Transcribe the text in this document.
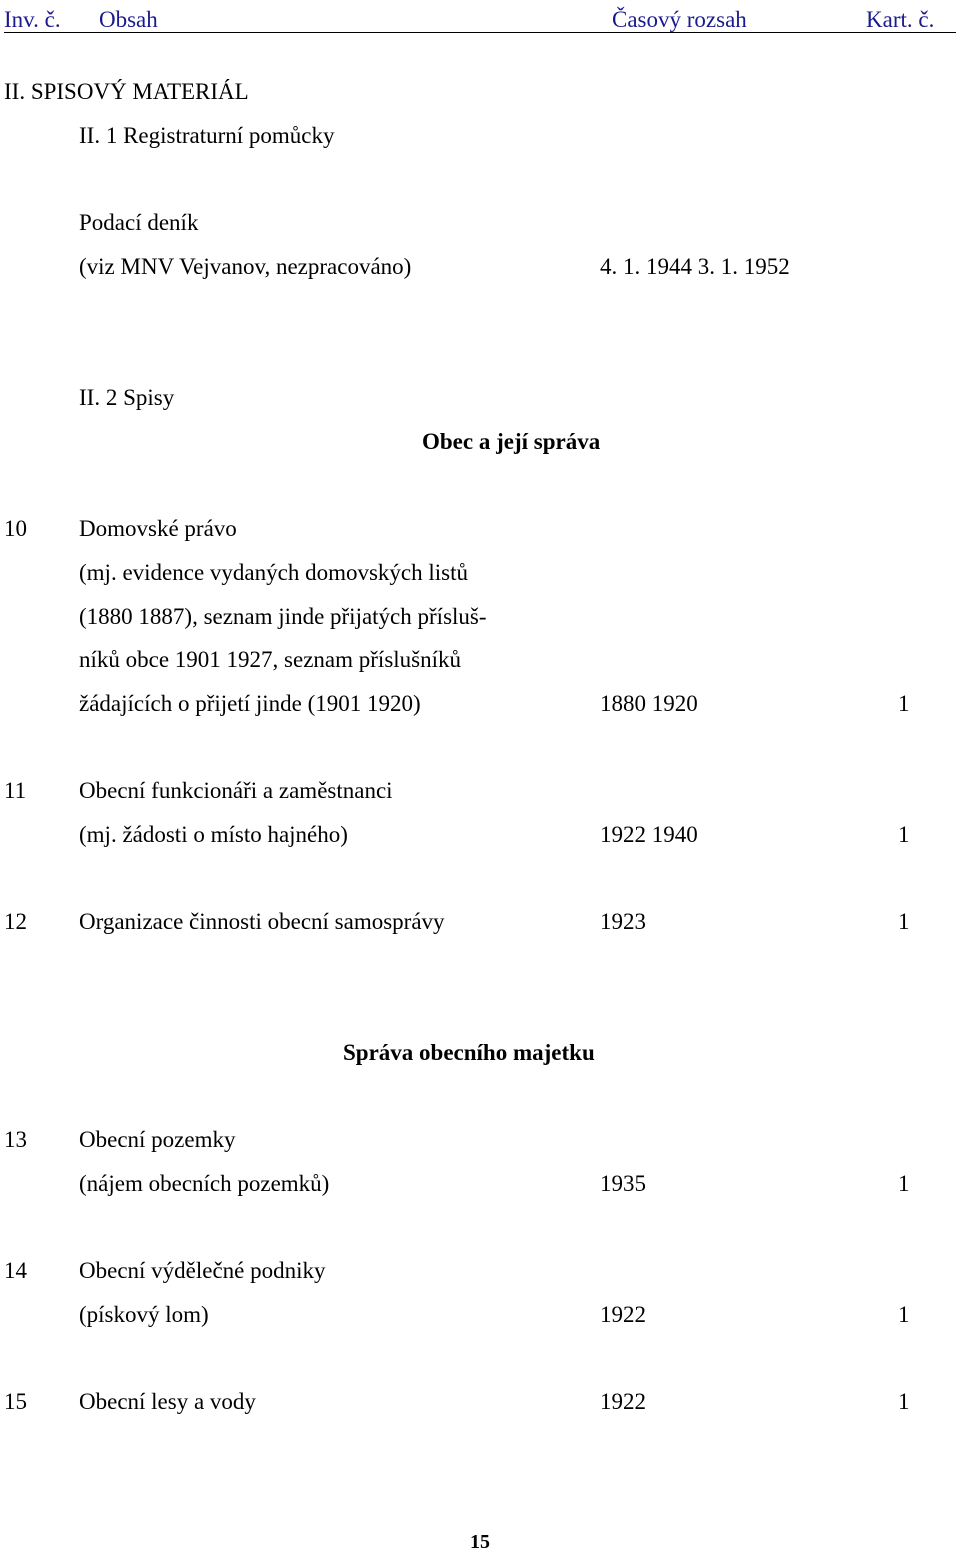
Inv. č. Obsah	Časový rozsah	Kart. č.
II. SPISOVÝ MATERIÁL
II. 1 Registraturní pomůcky
Podací deník
(viz MNV Vejvanov, nezpracováno)	4. 1. 1944 3. 1. 1952
II. 2 Spisy
Obec a její správa
10 Domovské právo
(mj. evidence vydaných domovských listů
(1880 1887), seznam jinde přijatých přísluš-
níků obce 1901 1927, seznam příslušníků
žádajících o přijetí jinde (1901 1920)	1880 1920	1
11 Obecní funkcionáři a zaměstnanci
(mj. žádosti o místo hajného)	1922 1940	1
12 Organizace činnosti obecní samosprávy	1923	1
Správa obecního majetku
13 Obecní pozemky
(nájem obecních pozemků)	1935	1
14 Obecní výdělečné podniky
(pískový lom)	1922	1
15 Obecní lesy a vody	1922	1
15
